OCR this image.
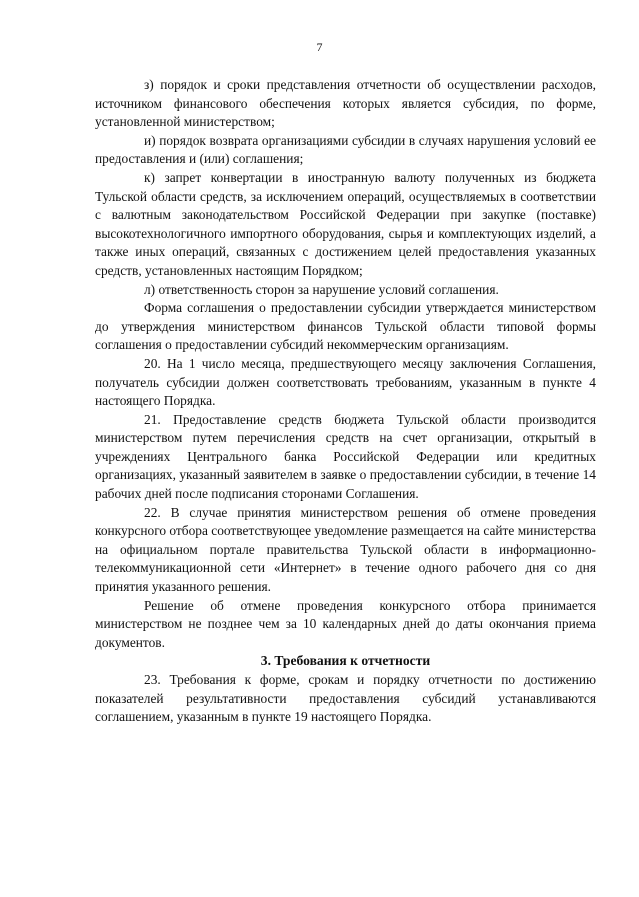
7

з) порядок и сроки представления отчетности об осуществлении расходов, источником финансового обеспечения которых является субсидия, по форме, установленной министерством;

и) порядок возврата организациями субсидии в случаях нарушения условий ее предоставления и (или) соглашения;

к) запрет конвертации в иностранную валюту полученных из бюджета Тульской области средств, за исключением операций, осуществляемых в соответствии с валютным законодательством Российской Федерации при закупке (поставке) высокотехнологичного импортного оборудования, сырья и комплектующих изделий, а также иных операций, связанных с достижением целей предоставления указанных средств, установленных настоящим Порядком;

л) ответственность сторон за нарушение условий соглашения.

Форма соглашения о предоставлении субсидии утверждается министерством до утверждения министерством финансов Тульской области типовой формы соглашения о предоставлении субсидий некоммерческим организациям.

20. На 1 число месяца, предшествующего месяцу заключения Соглашения, получатель субсидии должен соответствовать требованиям, указанным в пункте 4 настоящего Порядка.

21. Предоставление средств бюджета Тульской области производится министерством путем перечисления средств на счет организации, открытый в учреждениях Центрального банка Российской Федерации или кредитных организациях, указанный заявителем в заявке о предоставлении субсидии, в течение 14 рабочих дней после подписания сторонами Соглашения.

22. В случае принятия министерством решения об отмене проведения конкурсного отбора соответствующее уведомление размещается на сайте министерства на официальном портале правительства Тульской области в информационно-телекоммуникационной сети «Интернет» в течение одного рабочего дня со дня принятия указанного решения.

Решение об отмене проведения конкурсного отбора принимается министерством не позднее чем за 10 календарных дней до даты окончания приема документов.

3. Требования к отчетности

23. Требования к форме, срокам и порядку отчетности по достижению показателей результативности предоставления субсидий устанавливаются соглашением, указанным в пункте 19 настоящего Порядка.
